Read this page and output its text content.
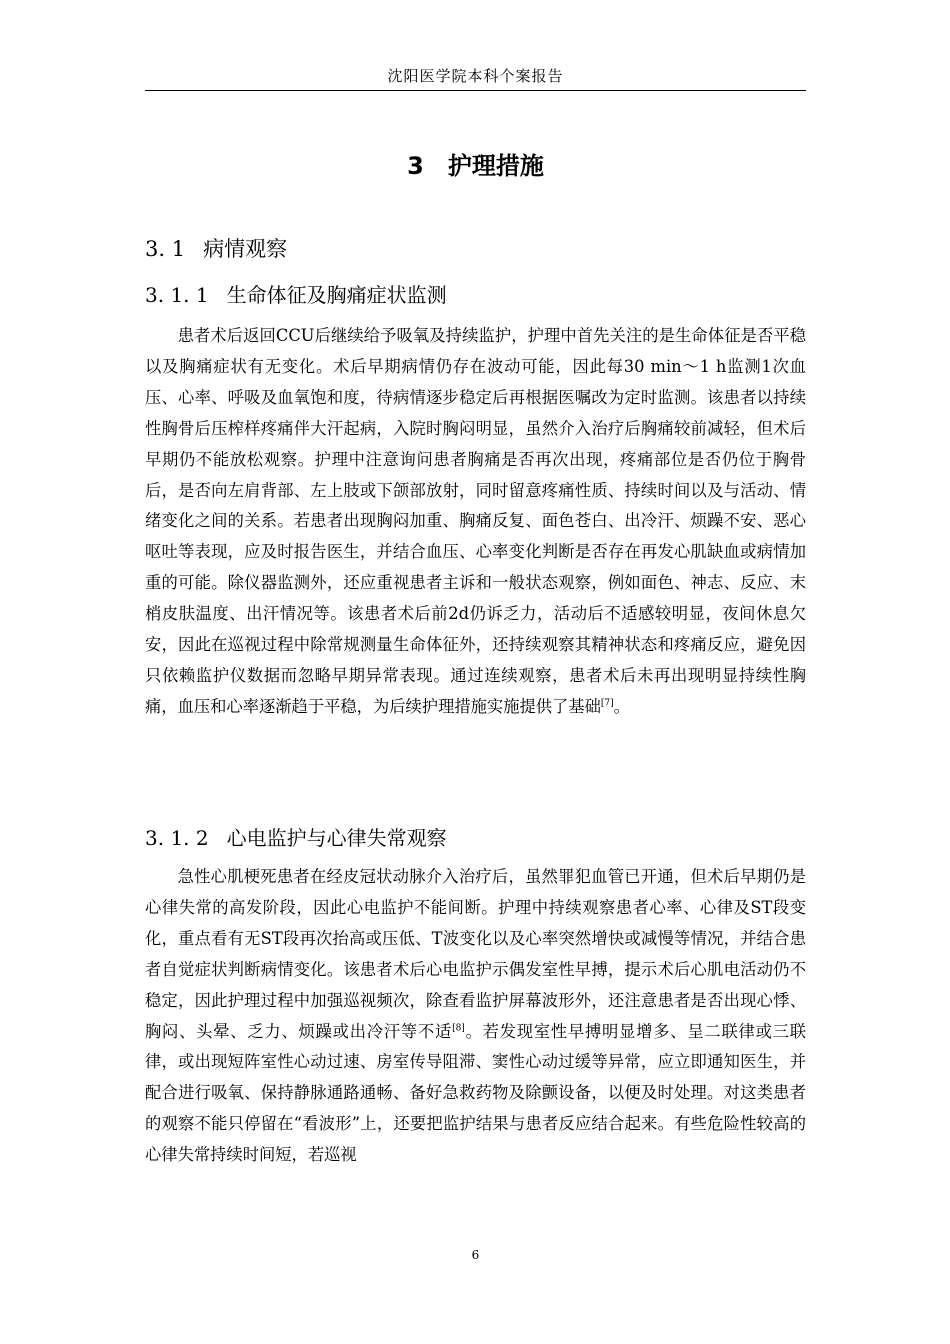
沈阳医学院本科个案报告
3 护理措施
3. 1 病情观察
3. 1. 1 生命体征及胸痛症状监测

患者术后返回CCU后继续给予吸氧及持续监护，护理中首先关注的是生命体征是否平稳以及胸痛症状有无变化。术后早期病情仍存在波动可能，因此每30 min～1 h监测1次血压、心率、呼吸及血氧饱和度，待病情逐步稳定后再根据医嘱改为定时监测。该患者以持续性胸骨后压榨样疼痛伴大汗起病，入院时胸闷明显，虽然介入治疗后胸痛较前减轻，但术后早期仍不能放松观察。护理中注意询问患者胸痛是否再次出现，疼痛部位是否仍位于胸骨后，是否向左肩背部、左上肢或下颌部放射，同时留意疼痛性质、持续时间以及与活动、情绪变化之间的关系。若患者出现胸闷加重、胸痛反复、面色苍白、出冷汗、烦躁不安、恶心呕吐等表现，应及时报告医生，并结合血压、心率变化判断是否存在再发心肌缺血或病情加重的可能。除仪器监测外，还应重视患者主诉和一般状态观察，例如面色、神志、反应、末梢皮肤温度、出汗情况等。该患者术后前2d仍诉乏力，活动后不适感较明显，夜间休息欠安，因此在巡视过程中除常规测量生命体征外，还持续观察其精神状态和疼痛反应，避免因只依赖监护仪数据而忽略早期异常表现。通过连续观察，患者术后未再出现明显持续性胸痛，血压和心率逐渐趋于平稳，为后续护理措施实施提供了基础[7]。

3. 1. 2 心电监护与心律失常观察

急性心肌梗死患者在经皮冠状动脉介入治疗后，虽然罪犯血管已开通，但术后早期仍是心律失常的高发阶段，因此心电监护不能间断。护理中持续观察患者心率、心律及ST段变化，重点看有无ST段再次抬高或压低、T波变化以及心率突然增快或减慢等情况，并结合患者自觉症状判断病情变化。该患者术后心电监护示偶发室性早搏，提示术后心肌电活动仍不稳定，因此护理过程中加强巡视频次，除查看监护屏幕波形外，还注意患者是否出现心悸、胸闷、头晕、乏力、烦躁或出冷汗等不适[8]。若发现室性早搏明显增多、呈二联律或三联律，或出现短阵室性心动过速、房室传导阻滞、窦性心动过缓等异常，应立即通知医生，并配合进行吸氧、保持静脉通路通畅、备好急救药物及除颤设备，以便及时处理。对这类患者的观察不能只停留在“看波形”上，还要把监护结果与患者反应结合起来。有些危险性较高的心律失常持续时间短，若巡视

6
